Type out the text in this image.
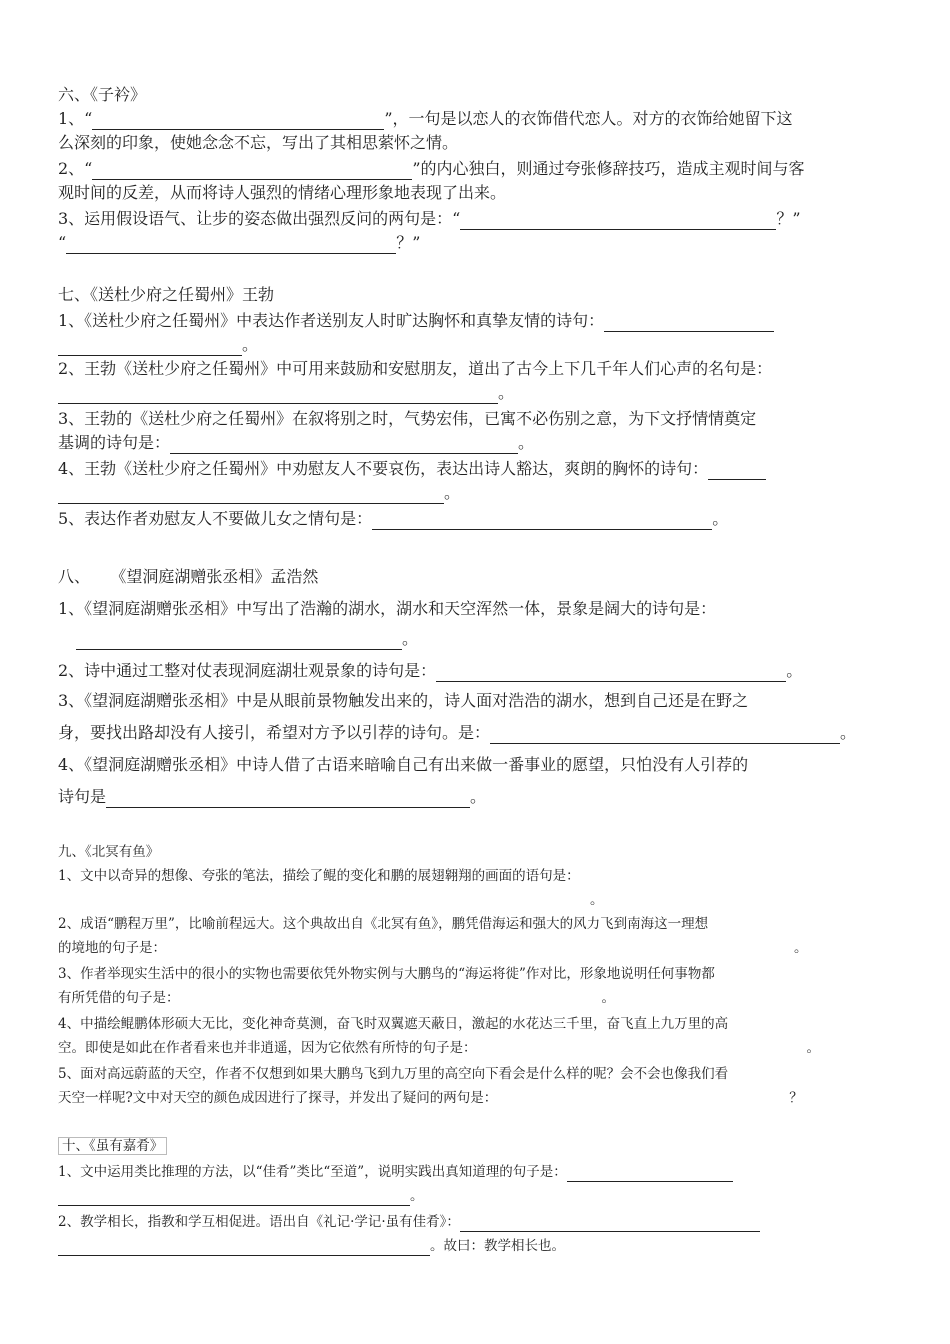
六、《子衿》
1、“	”，一句是以恋人的衣饰借代恋人。对方的衣饰给她留下这
么深刻的印象，使她念念不忘，写出了其相思萦怀之情。
2、“	”的内心独白，则通过夸张修辞技巧，造成主观时间与客
观时间的反差，从而将诗人强烈的情绪心理形象地表现了出来。
3、运用假设语气、让步的姿态做出强烈反问的两句是：“	？”
“	？”
七、《送杜少府之任蜀州》王勃
1、《送杜少府之任蜀州》中表达作者送别友人时旷达胸怀和真挚友情的诗句：
。
2、王勃《送杜少府之任蜀州》中可用来鼓励和安慰朋友，道出了古今上下几千年人们心声的名句是：
。
3、王勃的《送杜少府之任蜀州》在叙将别之时，气势宏伟，已寓不必伤别之意，为下文抒情情奠定
基调的诗句是：	。
4、王勃《送杜少府之任蜀州》中劝慰友人不要哀伤，表达出诗人豁达，爽朗的胸怀的诗句：
。
5、表达作者劝慰友人不要做儿女之情句是：	。
八、    《望洞庭湖赠张丞相》孟浩然
1、《望洞庭湖赠张丞相》中写出了浩瀚的湖水，湖水和天空浑然一体，景象是阔大的诗句是：
。
2、诗中通过工整对仗表现洞庭湖壮观景象的诗句是：	。
3、《望洞庭湖赠张丞相》中是从眼前景物触发出来的，诗人面对浩浩的湖水，想到自己还是在野之
身，要找出路却没有人接引，希望对方予以引荐的诗句。是：	。
4、《望洞庭湖赠张丞相》中诗人借了古语来暗喻自己有出来做一番事业的愿望，只怕没有人引荐的
诗句是	。
九、《北冥有鱼》
1、文中以奇异的想像、夸张的笔法，描绘了鲲的变化和鹏的展翅翱翔的画面的语句是：
。
2、成语“鹏程万里”，比喻前程远大。这个典故出自《北冥有鱼》，鹏凭借海运和强大的风力飞到南海这一理想
的境地的句子是：	。
3、作者举现实生活中的很小的实物也需要依凭外物实例与大鹏鸟的“海运将徙”作对比，形象地说明任何事物都
有所凭借的句子是：	。
4、中描绘鲲鹏体形硕大无比，变化神奇莫测，奋飞时双翼遮天蔽日，激起的水花达三千里，奋飞直上九万里的高
空。即使是如此在作者看来也并非逍遥，因为它依然有所恃的句子是：	。
5、面对高远蔚蓝的天空，作者不仅想到如果大鹏鸟飞到九万里的高空向下看会是什么样的呢？会不会也像我们看
天空一样呢?文中对天空的颜色成因进行了探寻，并发出了疑问的两句是：	？
十、《虽有嘉肴》
1、文中运用类比推理的方法，以“佳肴”类比“至道”，说明实践出真知道理的句子是：
。
2、教学相长，指教和学互相促进。语出自《礼记·学记·虽有佳肴》：
。故曰：教学相长也。
